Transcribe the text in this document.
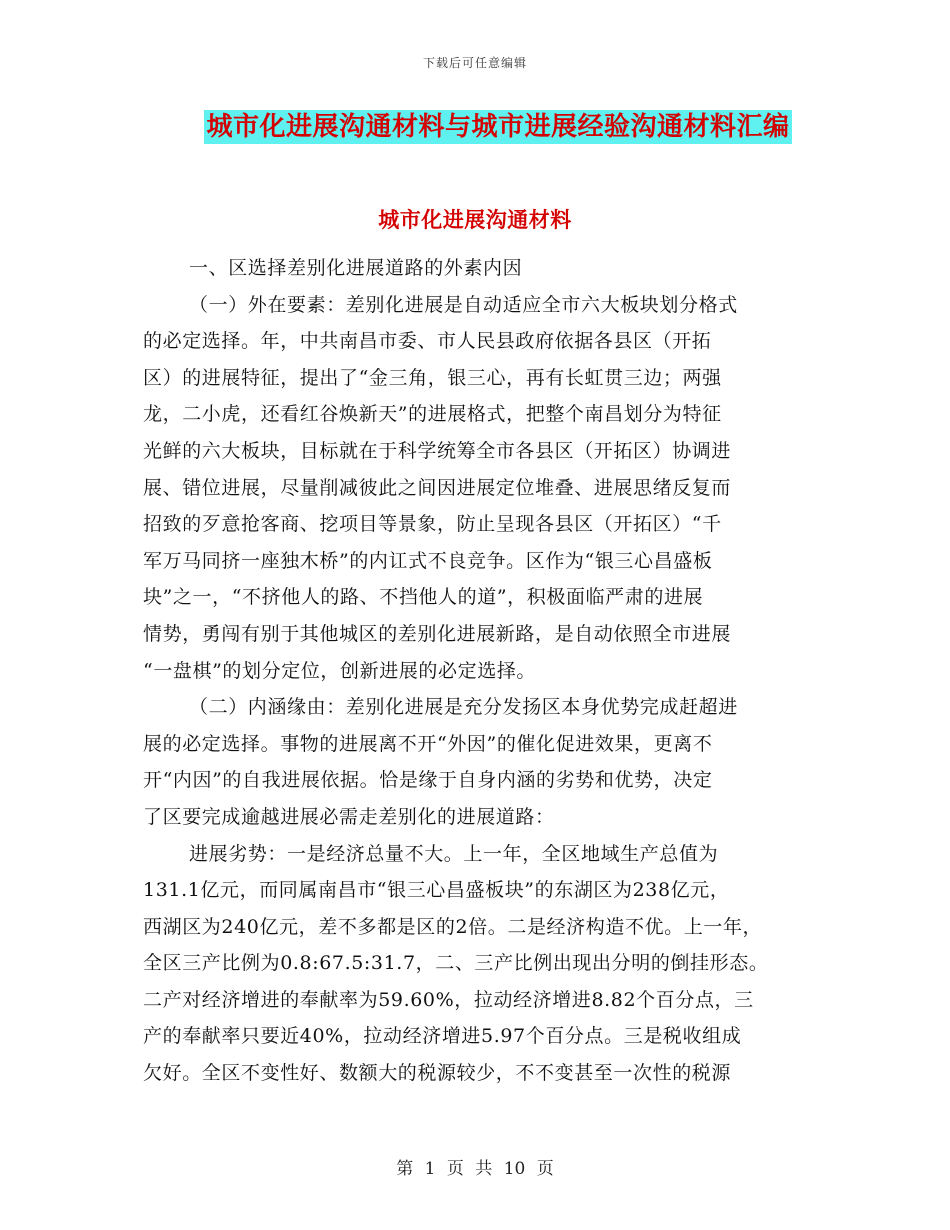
下载后可任意编辑
城市化进展沟通材料与城市进展经验沟通材料汇编
城市化进展沟通材料
一、区选择差别化进展道路的外素内因
（一）外在要素：差别化进展是自动适应全市六大板块划分格式
的必定选择。年，中共南昌市委、市人民县政府依据各县区（开拓
区）的进展特征，提出了“金三角，银三心，再有长虹贯三边；两强
龙，二小虎，还看红谷焕新天”的进展格式，把整个南昌划分为特征
光鲜的六大板块，目标就在于科学统筹全市各县区（开拓区）协调进
展、错位进展，尽量削减彼此之间因进展定位堆叠、进展思绪反复而
招致的歹意抢客商、挖项目等景象，防止呈现各县区（开拓区）“千
军万马同挤一座独木桥”的内讧式不良竞争。区作为“银三心昌盛板
块”之一，“不挤他人的路、不挡他人的道”，积极面临严肃的进展
情势，勇闯有别于其他城区的差别化进展新路，是自动依照全市进展
“一盘棋”的划分定位，创新进展的必定选择。
（二）内涵缘由：差别化进展是充分发扬区本身优势完成赶超进
展的必定选择。事物的进展离不开“外因”的催化促进效果，更离不
开“内因”的自我进展依据。恰是缘于自身内涵的劣势和优势，决定
了区要完成逾越进展必需走差别化的进展道路：
进展劣势：一是经济总量不大。上一年，全区地域生产总值为
131.1亿元，而同属南昌市“银三心昌盛板块”的东湖区为238亿元，
西湖区为240亿元，差不多都是区的2倍。二是经济构造不优。上一年，
全区三产比例为0.8:67.5:31.7，二、三产比例出现出分明的倒挂形态。
二产对经济增进的奉献率为59.60%，拉动经济增进8.82个百分点，三
产的奉献率只要近40%，拉动经济增进5.97个百分点。三是税收组成
欠好。全区不变性好、数额大的税源较少，不不变甚至一次性的税源
第 1 页 共 10 页
